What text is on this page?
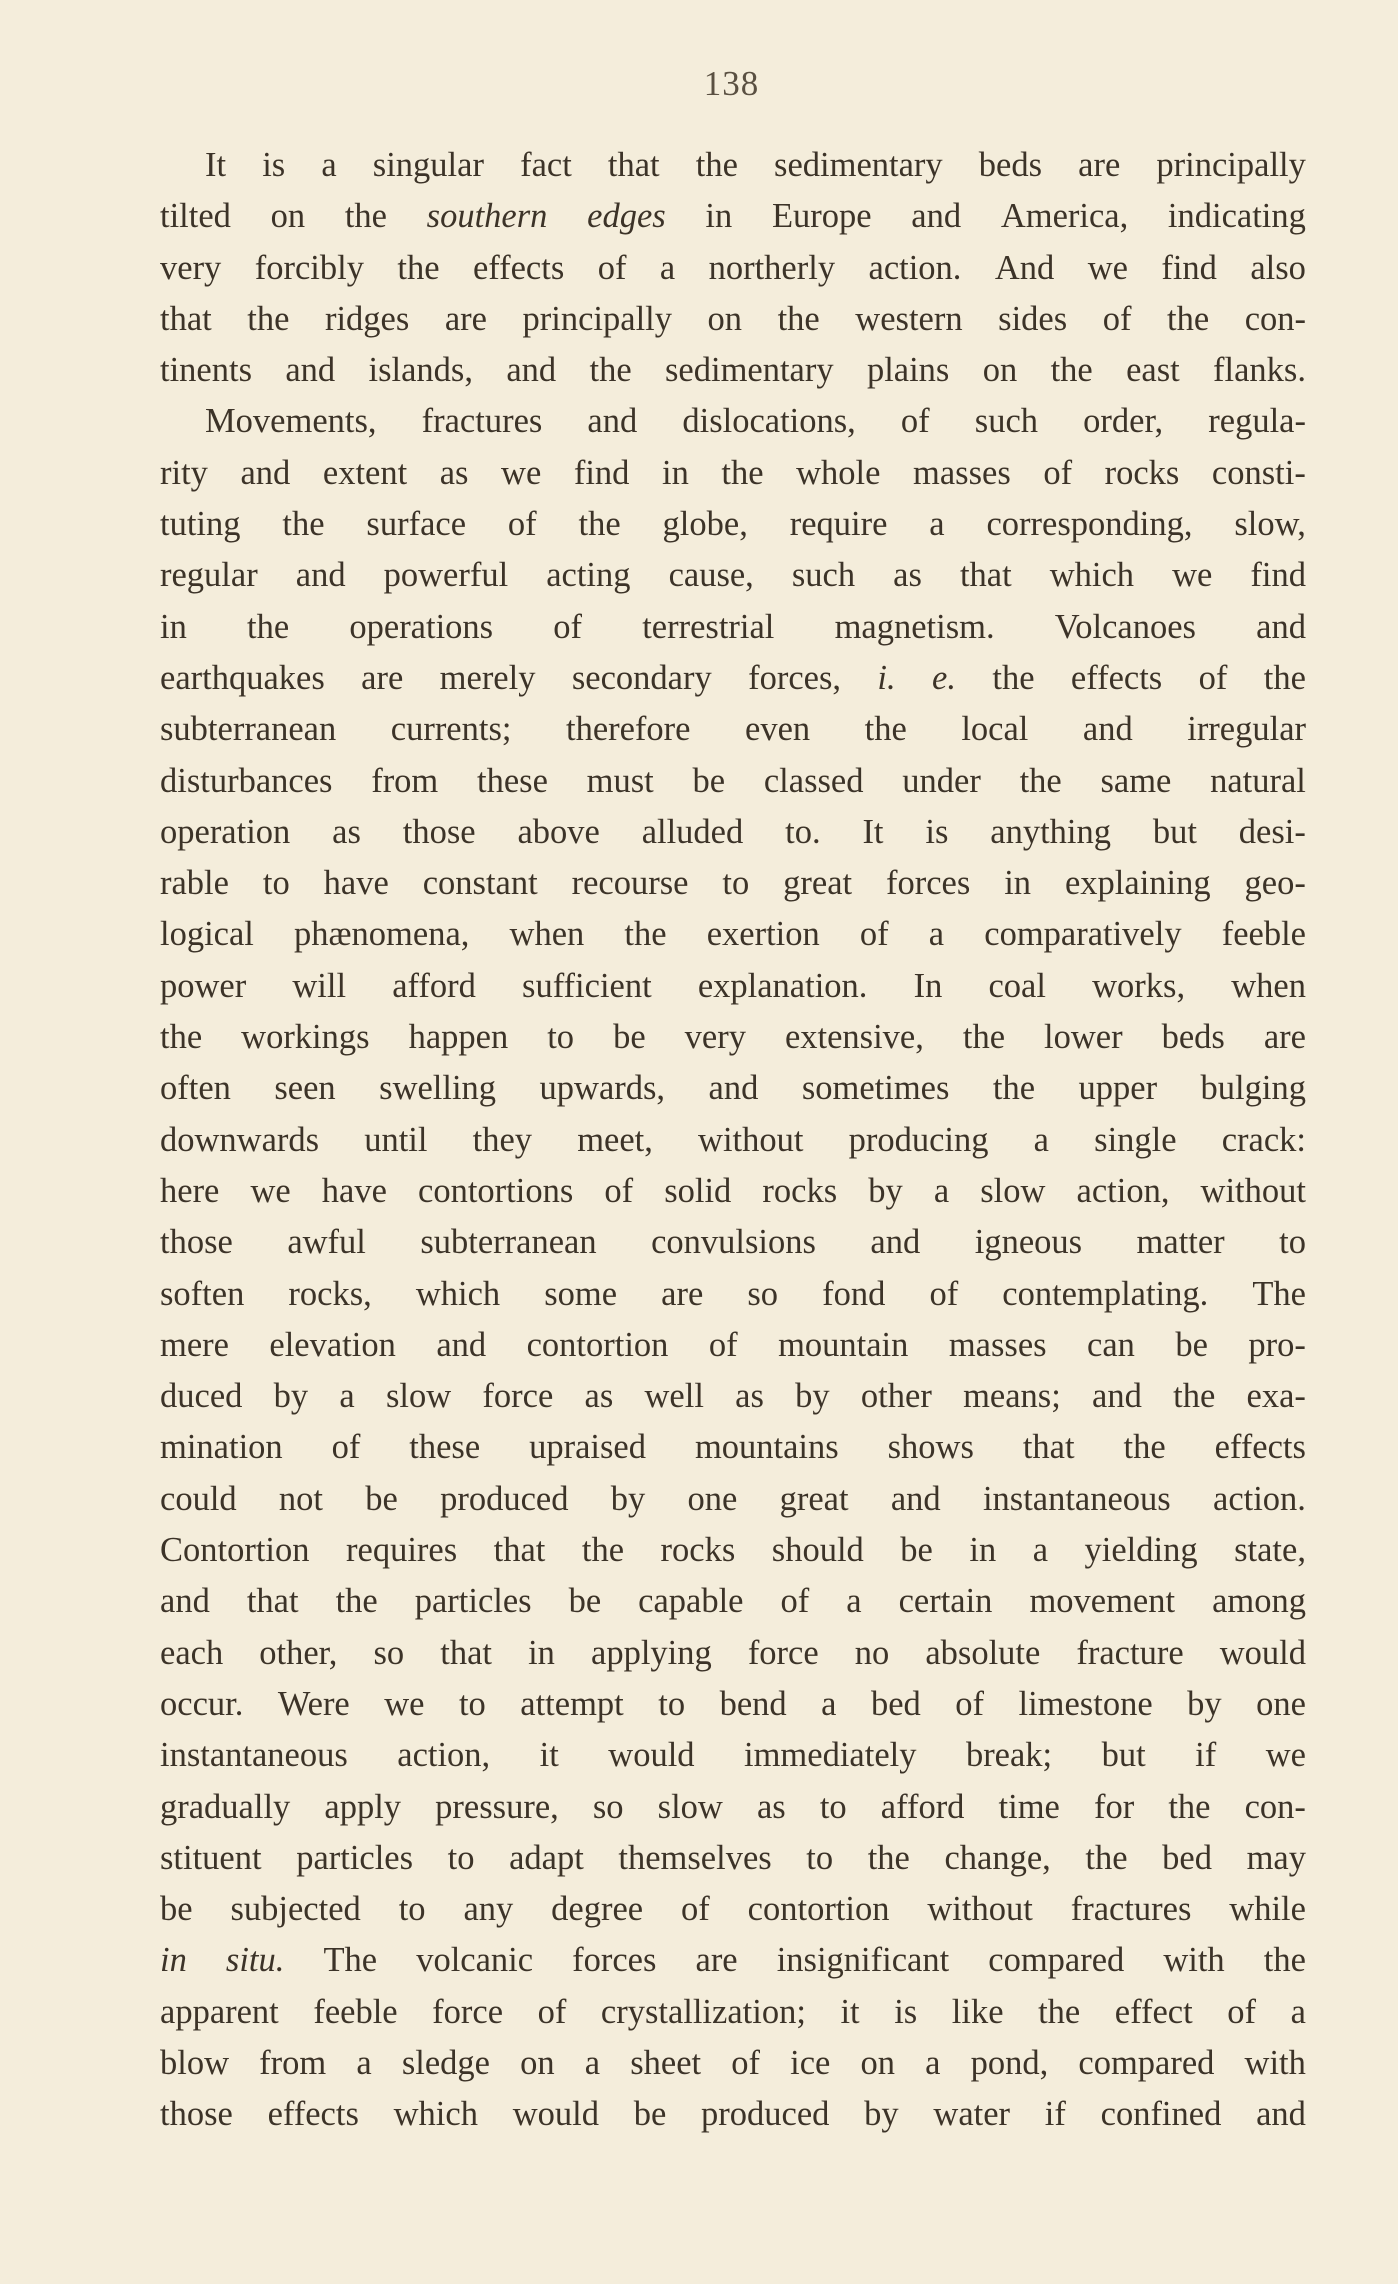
138
It is a singular fact that the sedimentary beds are principally
tilted on the southern edges in Europe and America, indicating
very forcibly the effects of a northerly action. And we find also
that the ridges are principally on the western sides of the con-
tinents and islands, and the sedimentary plains on the east flanks.
Movements, fractures and dislocations, of such order, regula-
rity and extent as we find in the whole masses of rocks consti-
tuting the surface of the globe, require a corresponding, slow,
regular and powerful acting cause, such as that which we find
in the operations of terrestrial magnetism. Volcanoes and
earthquakes are merely secondary forces, i. e. the effects of the
subterranean currents; therefore even the local and irregular
disturbances from these must be classed under the same natural
operation as those above alluded to. It is anything but desi-
rable to have constant recourse to great forces in explaining geo-
logical phænomena, when the exertion of a comparatively feeble
power will afford sufficient explanation. In coal works, when
the workings happen to be very extensive, the lower beds are
often seen swelling upwards, and sometimes the upper bulging
downwards until they meet, without producing a single crack:
here we have contortions of solid rocks by a slow action, without
those awful subterranean convulsions and igneous matter to
soften rocks, which some are so fond of contemplating. The
mere elevation and contortion of mountain masses can be pro-
duced by a slow force as well as by other means; and the exa-
mination of these upraised mountains shows that the effects
could not be produced by one great and instantaneous action.
Contortion requires that the rocks should be in a yielding state,
and that the particles be capable of a certain movement among
each other, so that in applying force no absolute fracture would
occur. Were we to attempt to bend a bed of limestone by one
instantaneous action, it would immediately break; but if we
gradually apply pressure, so slow as to afford time for the con-
stituent particles to adapt themselves to the change, the bed may
be subjected to any degree of contortion without fractures while
in situ. The volcanic forces are insignificant compared with the
apparent feeble force of crystallization; it is like the effect of a
blow from a sledge on a sheet of ice on a pond, compared with
those effects which would be produced by water if confined and
